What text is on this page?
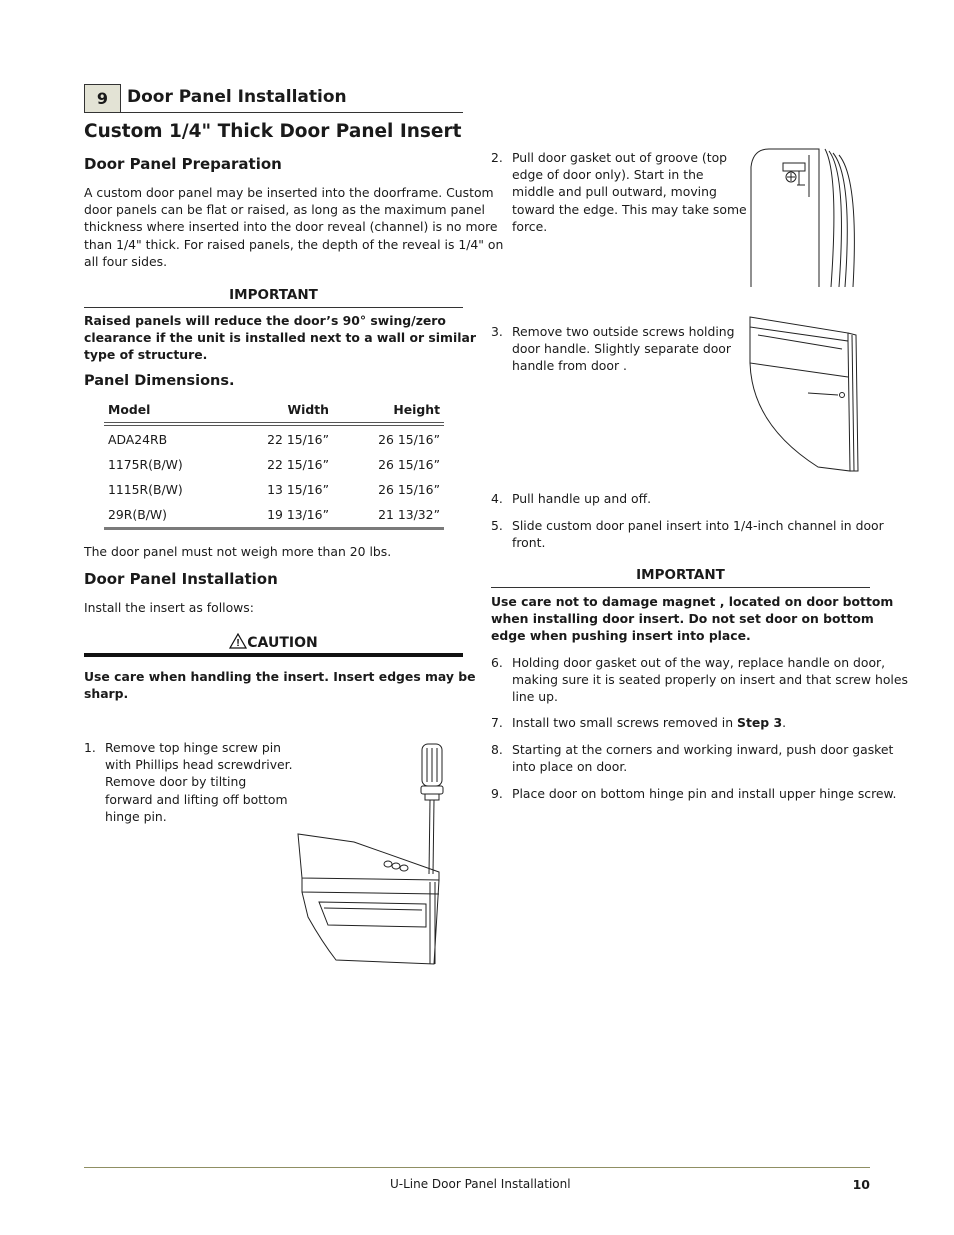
9	Door Panel Installation
Custom 1/4" Thick Door Panel Insert
Door Panel Preparation
A custom door panel may be inserted into the doorframe. Custom
door panels can be flat or raised, as long as the maximum panel
thickness where inserted into the door reveal (channel) is no more
than 1/4" thick. For raised panels, the depth of the reveal is 1/4" on
all four sides.
IMPORTANT
Raised panels will reduce the door’s 90° swing/zero
clearance if the unit is installed next to a wall or similar
type of structure.
Panel Dimensions.
Model	Width	Height
ADA24RB	22 15/16”	26 15/16”
1175R(B/W)	22 15/16”	26 15/16”
1115R(B/W)	13 15/16”	26 15/16”
29R(B/W)	19 13/16”	21 13/32”
The door panel must not weigh more than 20 lbs.
Door Panel Installation
Install the insert as follows:
! CAUTION
Use care when handling the insert. Insert edges may be
sharp.
1. Remove top hinge screw pin
with Phillips head screwdriver.
Remove door by tilting
forward and lifting off bottom
hinge pin.
2. Pull door gasket out of groove (top
edge of door only). Start in the
middle and pull outward, moving
toward the edge. This may take some
force.
3. Remove two outside screws holding
door handle. Slightly separate door
handle from door .
4. Pull handle up and off.
5. Slide custom door panel insert into 1/4-inch channel in door
front.
IMPORTANT
Use care not to damage magnet , located on door bottom
when installing door insert. Do not set door on bottom
edge when pushing insert into place.
6. Holding door gasket out of the way, replace handle on door,
making sure it is seated properly on insert and that screw holes
line up.
7. Install two small screws removed in Step 3.
8. Starting at the corners and working inward, push door gasket
into place on door.
9. Place door on bottom hinge pin and install upper hinge screw.
U-Line Door Panel Installationl	10
